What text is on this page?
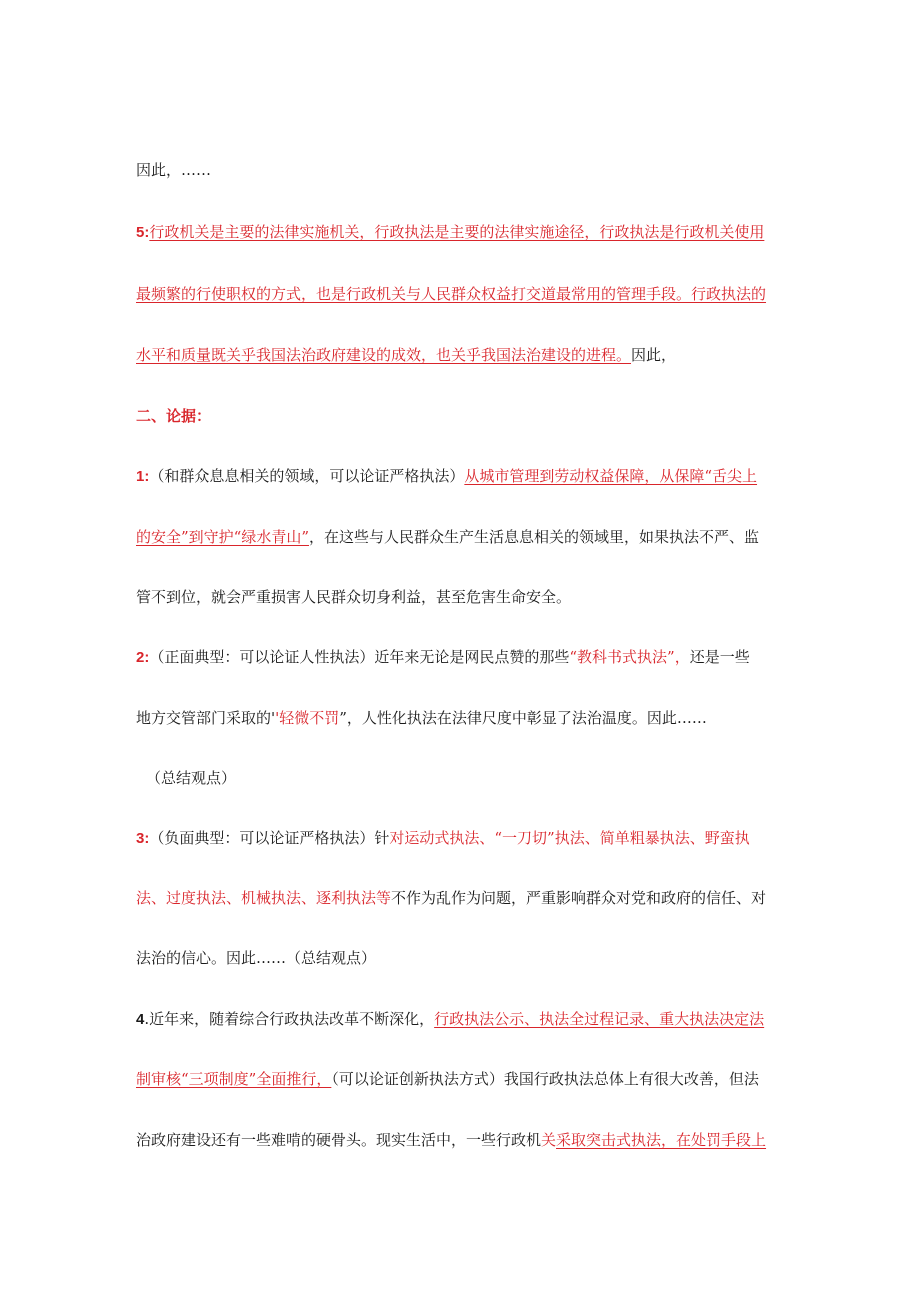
因此，……
5:行政机关是主要的法律实施机关，行政执法是主要的法律实施途径，行政执法是行政机关使用
最频繁的行使职权的方式，也是行政机关与人民群众权益打交道最常用的管理手段。行政执法的
水平和质量既关乎我国法治政府建设的成效，也关乎我国法治建设的进程。因此，
二、论据：
1:（和群众息息相关的领域，可以论证严格执法）从城市管理到劳动权益保障，从保障“舌尖上
的安全”到守护“绿水青山”，在这些与人民群众生产生活息息相关的领域里，如果执法不严、监
管不到位，就会严重损害人民群众切身利益，甚至危害生命安全。
2:（正面典型：可以论证人性执法）近年来无论是网民点赞的那些“教科书式执法”，还是一些
地方交管部门采取的''轻微不罚”，人性化执法在法律尺度中彰显了法治温度。因此……
（总结观点）
3:（负面典型：可以论证严格执法）针对运动式执法、“一刀切”执法、简单粗暴执法、野蛮执
法、过度执法、机械执法、逐利执法等不作为乱作为问题，严重影响群众对党和政府的信任、对
法治的信心。因此……（总结观点）
4.近年来，随着综合行政执法改革不断深化，行政执法公示、执法全过程记录、重大执法决定法
制审核“三项制度”全面推行，（可以论证创新执法方式）我国行政执法总体上有很大改善，但法
治政府建设还有一些难啃的硬骨头。现实生活中，一些行政机关采取突击式执法，在处罚手段上
